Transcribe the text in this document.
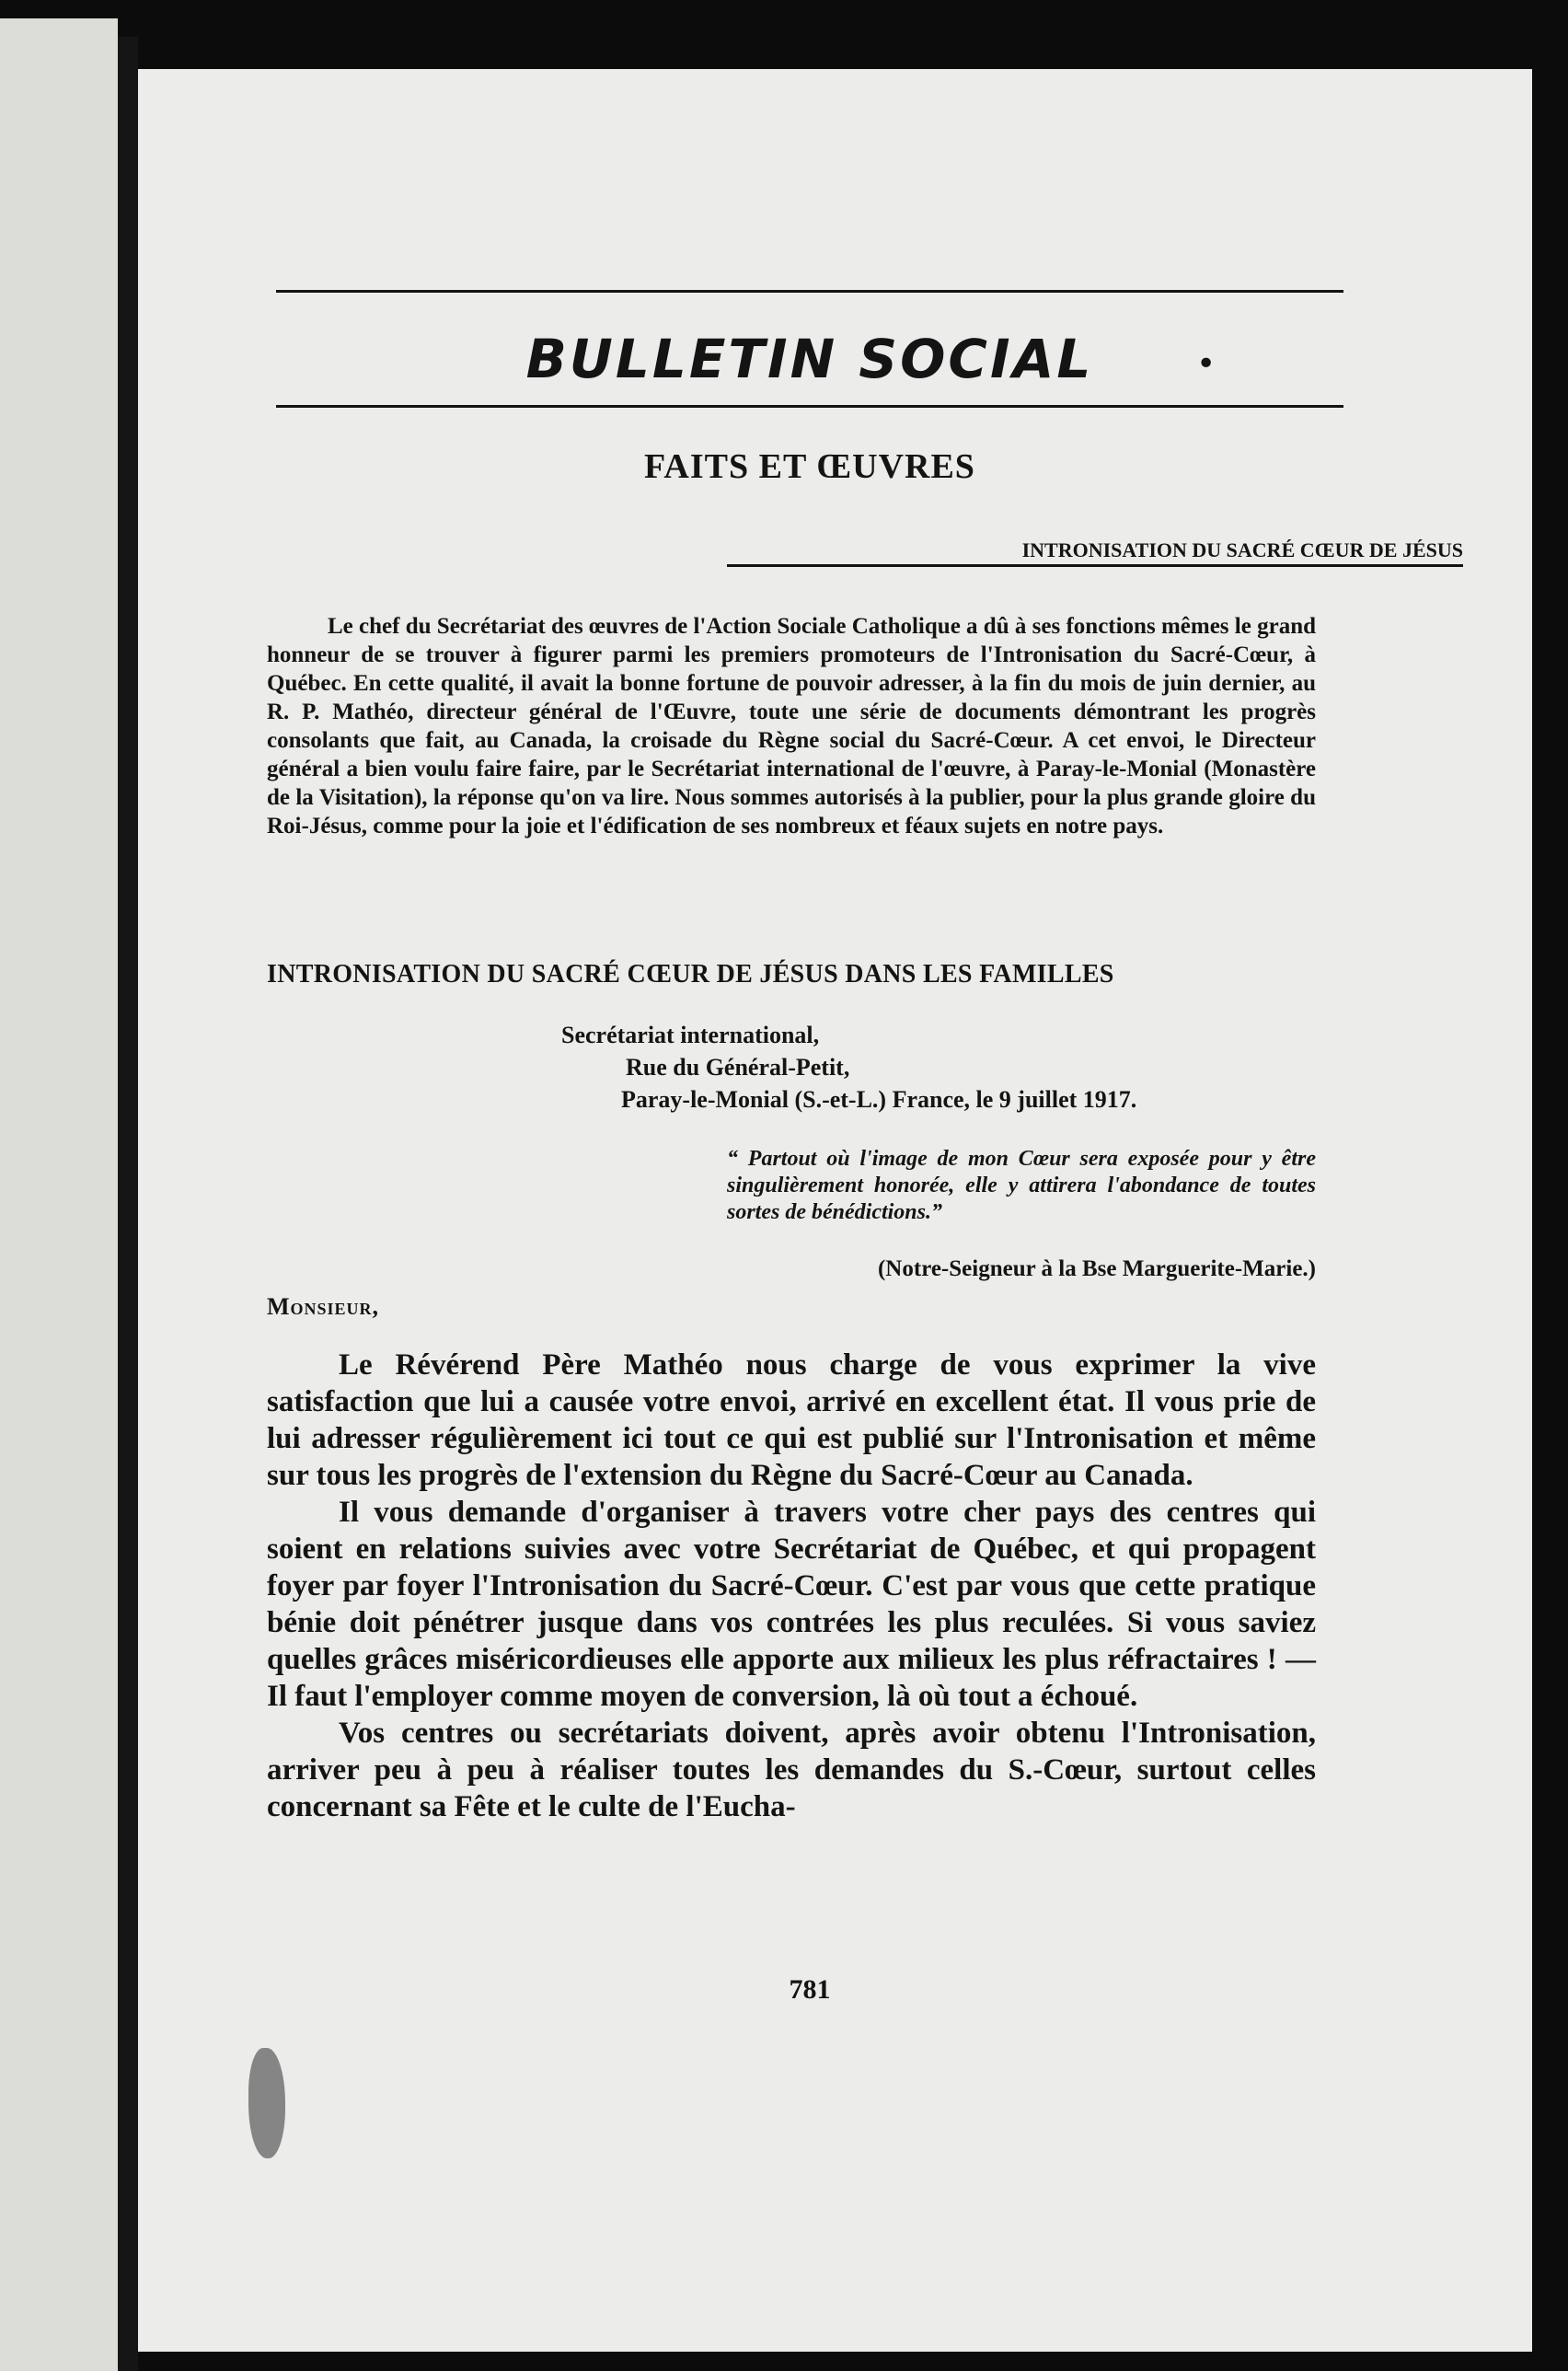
BULLETIN SOCIAL	•
FAITS ET ŒUVRES
INTRONISATION DU SACRÉ CŒUR DE JÉSUS

Le chef du Secrétariat des œuvres de l'Action Sociale Catholique a dû à ses fonctions mêmes le grand honneur de se trouver à figurer parmi les premiers promoteurs de l'Intronisation du Sacré-Cœur, à Québec. En cette qualité, il avait la bonne fortune de pouvoir adresser, à la fin du mois de juin dernier, au R. P. Mathéo, directeur général de l'Œuvre, toute une série de documents démontrant les progrès consolants que fait, au Canada, la croisade du Règne social du Sacré-Cœur. A cet envoi, le Directeur général a bien voulu faire faire, par le Secrétariat international de l'œuvre, à Paray-le-Monial (Monastère de la Visitation), la réponse qu'on va lire. Nous sommes autorisés à la publier, pour la plus grande gloire du Roi-Jésus, comme pour la joie et l'édification de ses nombreux et féaux sujets en notre pays.

INTRONISATION DU SACRÉ CŒUR DE JÉSUS DANS LES FAMILLES
Secrétariat international,
Rue du Général-Petit,
Paray-le-Monial (S.-et-L.) France, le 9 juillet 1917.

“ Partout où l'image de mon Cœur sera exposée pour y être singulièrement honorée, elle y attirera l'abondance de toutes sortes de bénédictions.”

(Notre-Seigneur à la Bse Marguerite-Marie.)
Monsieur,

Le Révérend Père Mathéo nous charge de vous exprimer la vive satisfaction que lui a causée votre envoi, arrivé en excellent état. Il vous prie de lui adresser régulièrement ici tout ce qui est publié sur l'Intronisation et même sur tous les progrès de l'extension du Règne du Sacré-Cœur au Canada.

Il vous demande d'organiser à travers votre cher pays des centres qui soient en relations suivies avec votre Secrétariat de Québec, et qui propagent foyer par foyer l'Intronisation du Sacré-Cœur. C'est par vous que cette pratique bénie doit pénétrer jusque dans vos contrées les plus reculées. Si vous saviez quelles grâces miséricordieuses elle apporte aux milieux les plus réfractaires ! — Il faut l'employer comme moyen de conversion, là où tout a échoué.

Vos centres ou secrétariats doivent, après avoir obtenu l'Intronisation, arriver peu à peu à réaliser toutes les demandes du S.-Cœur, surtout celles concernant sa Fête et le culte de l'Eucha-

781
